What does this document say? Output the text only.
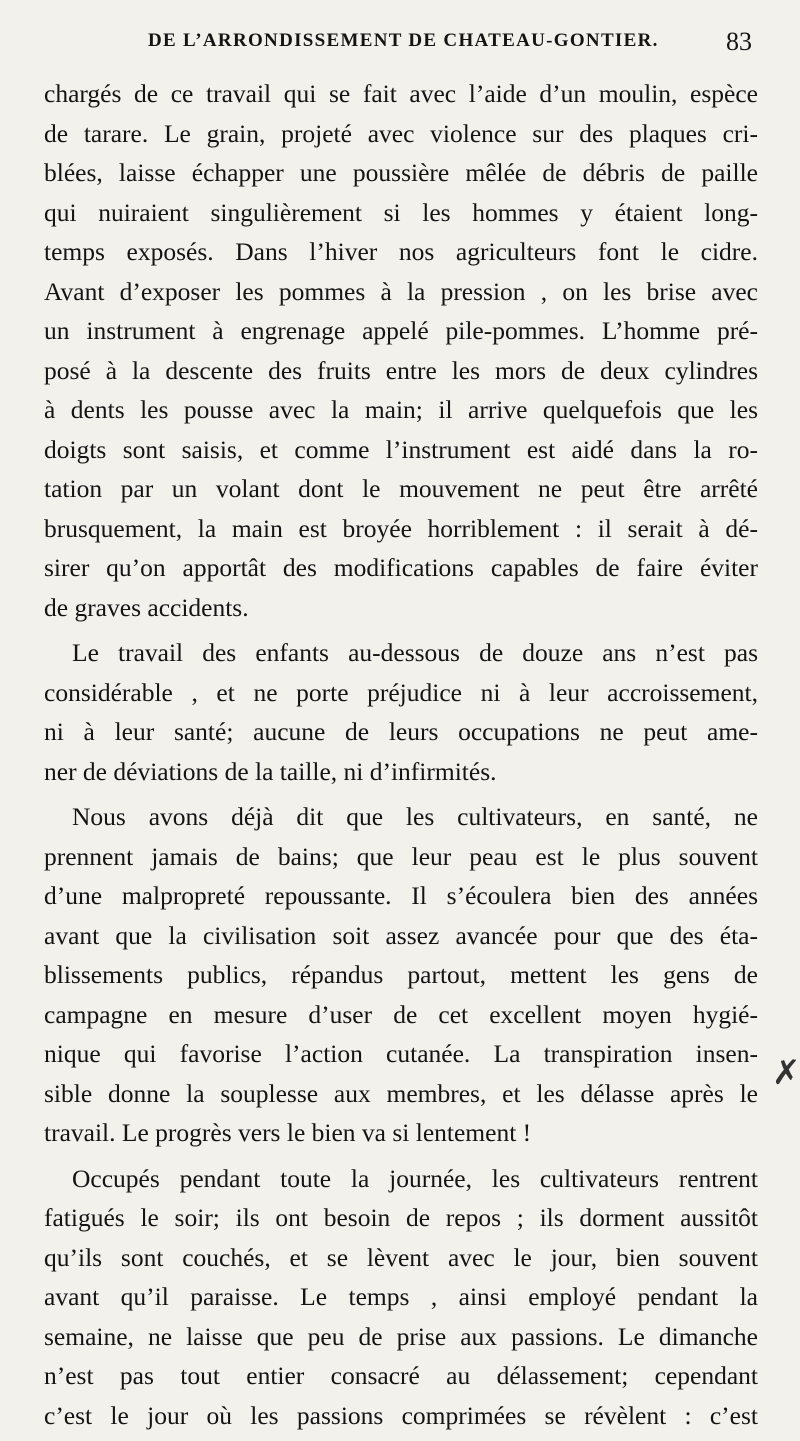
DE L’ARRONDISSEMENT DE CHATEAU-GONTIER.	83
chargés de ce travail qui se fait avec l’aide d’un moulin, espèce
de tarare. Le grain, projeté avec violence sur des plaques cri-
blées, laisse échapper une poussière mêlée de débris de paille
qui nuiraient singulièrement si les hommes y étaient long-
temps exposés. Dans l’hiver nos agriculteurs font le cidre.
Avant d’exposer les pommes à la pression , on les brise avec
un instrument à engrenage appelé pile-pommes. L’homme pré-
posé à la descente des fruits entre les mors de deux cylindres
à dents les pousse avec la main; il arrive quelquefois que les
doigts sont saisis, et comme l’instrument est aidé dans la ro-
tation par un volant dont le mouvement ne peut être arrêté
brusquement, la main est broyée horriblement : il serait à dé-
sirer qu’on apportât des modifications capables de faire éviter
de graves accidents.
Le travail des enfants au-dessous de douze ans n’est pas
considérable , et ne porte préjudice ni à leur accroissement,
ni à leur santé; aucune de leurs occupations ne peut ame-
ner de déviations de la taille, ni d’infirmités.
Nous avons déjà dit que les cultivateurs, en santé, ne
prennent jamais de bains; que leur peau est le plus souvent
d’une malpropreté repoussante. Il s’écoulera bien des années
avant que la civilisation soit assez avancée pour que des éta-
blissements publics, répandus partout, mettent les gens de
campagne en mesure d’user de cet excellent moyen hygié-
nique qui favorise l’action cutanée. La transpiration insen-
sible donne la souplesse aux membres, et les délasse après le
travail. Le progrès vers le bien va si lentement !
Occupés pendant toute la journée, les cultivateurs rentrent
fatigués le soir; ils ont besoin de repos ; ils dorment aussitôt
qu’ils sont couchés, et se lèvent avec le jour, bien souvent
avant qu’il paraisse. Le temps , ainsi employé pendant la
semaine, ne laisse que peu de prise aux passions. Le dimanche
n’est pas tout entier consacré au délassement; cependant
c’est le jour où les passions comprimées se révèlent : c’est
✗
